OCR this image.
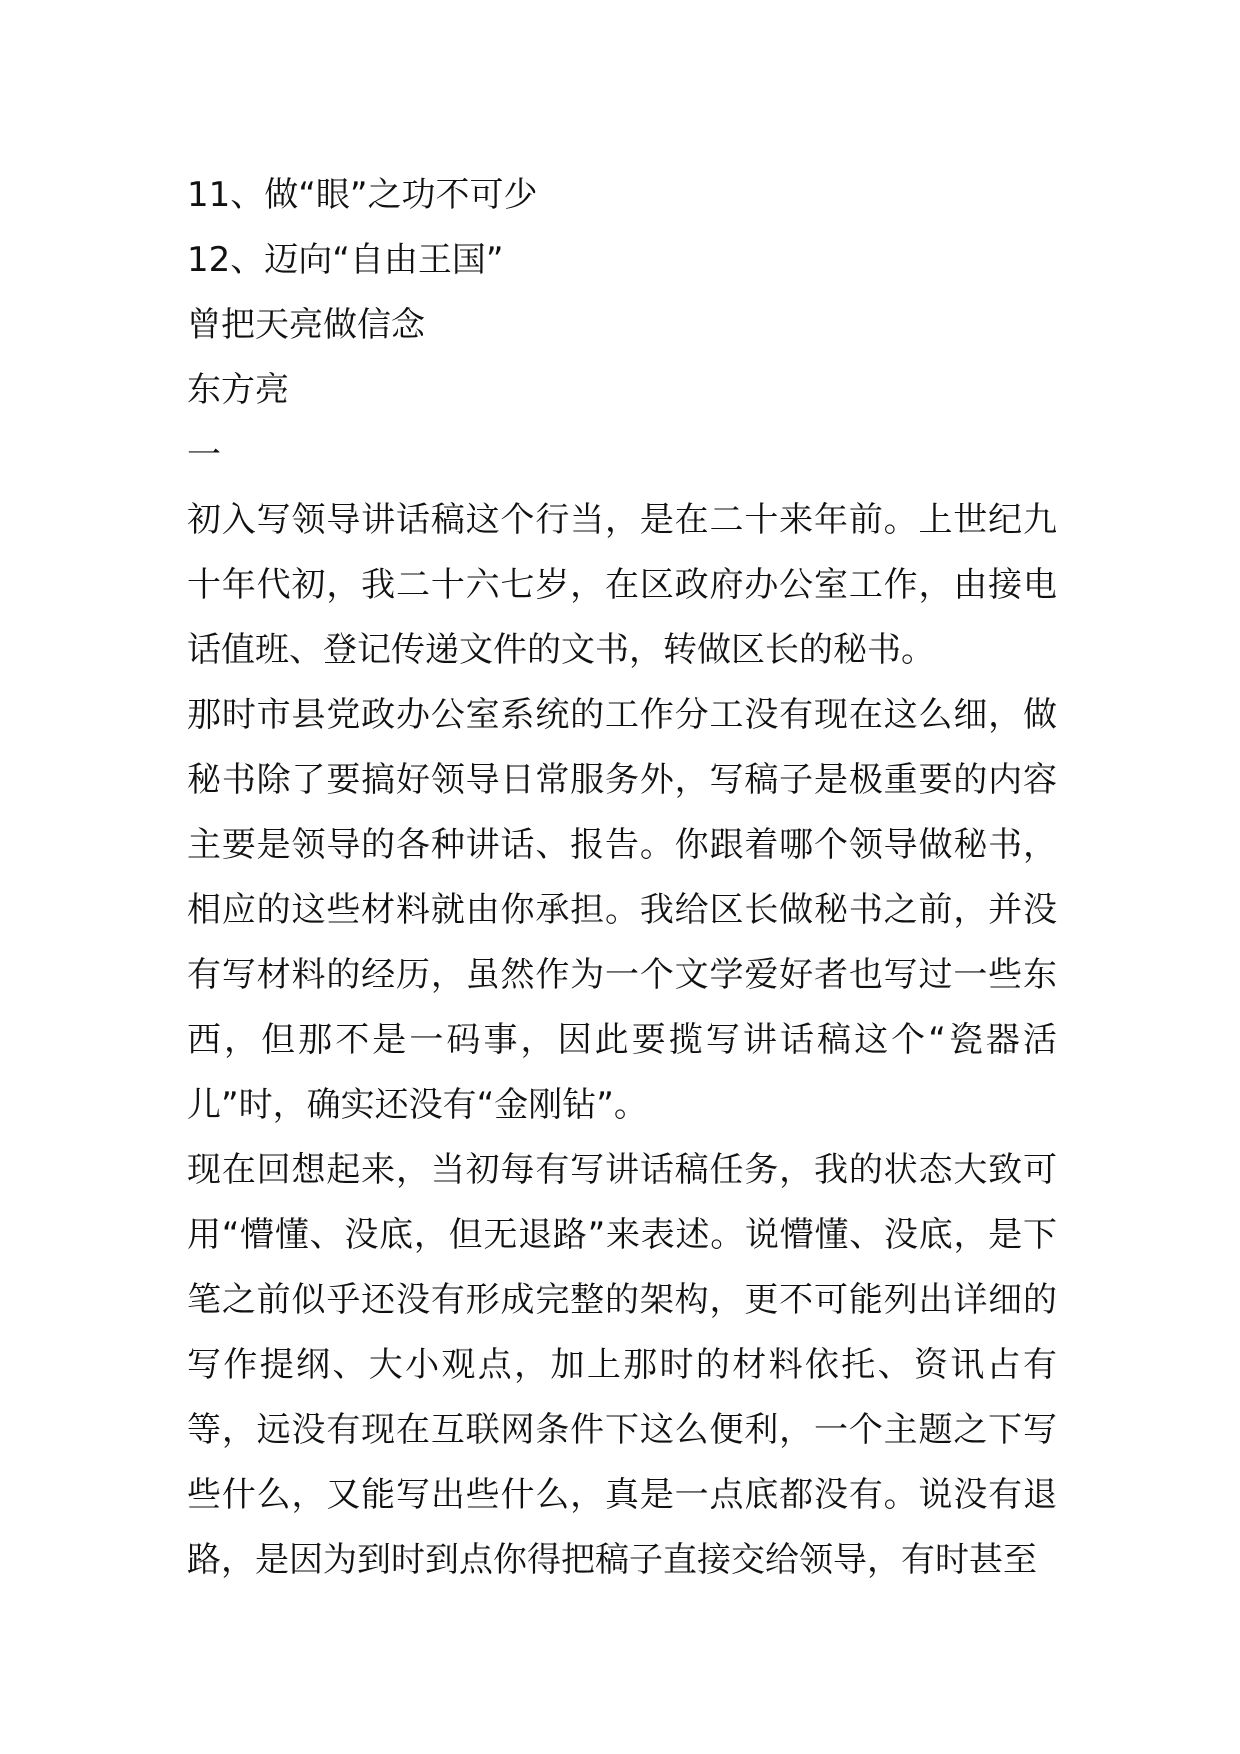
11、做“眼”之功不可少
12、迈向“自由王国”
曾把天亮做信念
东方亮
一
初入写领导讲话稿这个行当，是在二十来年前。上世纪九十年代初，我二十六七岁，在区政府办公室工作，由接电话值班、登记传递文件的文书，转做区长的秘书。
那时市县党政办公室系统的工作分工没有现在这么细，做秘书除了要搞好领导日常服务外，写稿子是极重要的内容主要是领导的各种讲话、报告。你跟着哪个领导做秘书，相应的这些材料就由你承担。我给区长做秘书之前，并没有写材料的经历，虽然作为一个文学爱好者也写过一些东西，但那不是一码事，因此要揽写讲话稿这个“瓷器活儿”时，确实还没有“金刚钻”。
现在回想起来，当初每有写讲话稿任务，我的状态大致可用“懵懂、没底，但无退路”来表述。说懵懂、没底，是下笔之前似乎还没有形成完整的架构，更不可能列出详细的写作提纲、大小观点，加上那时的材料依托、资讯占有等，远没有现在互联网条件下这么便利，一个主题之下写些什么，又能写出些什么，真是一点底都没有。说没有退路，是因为到时到点你得把稿子直接交给领导，有时甚至
